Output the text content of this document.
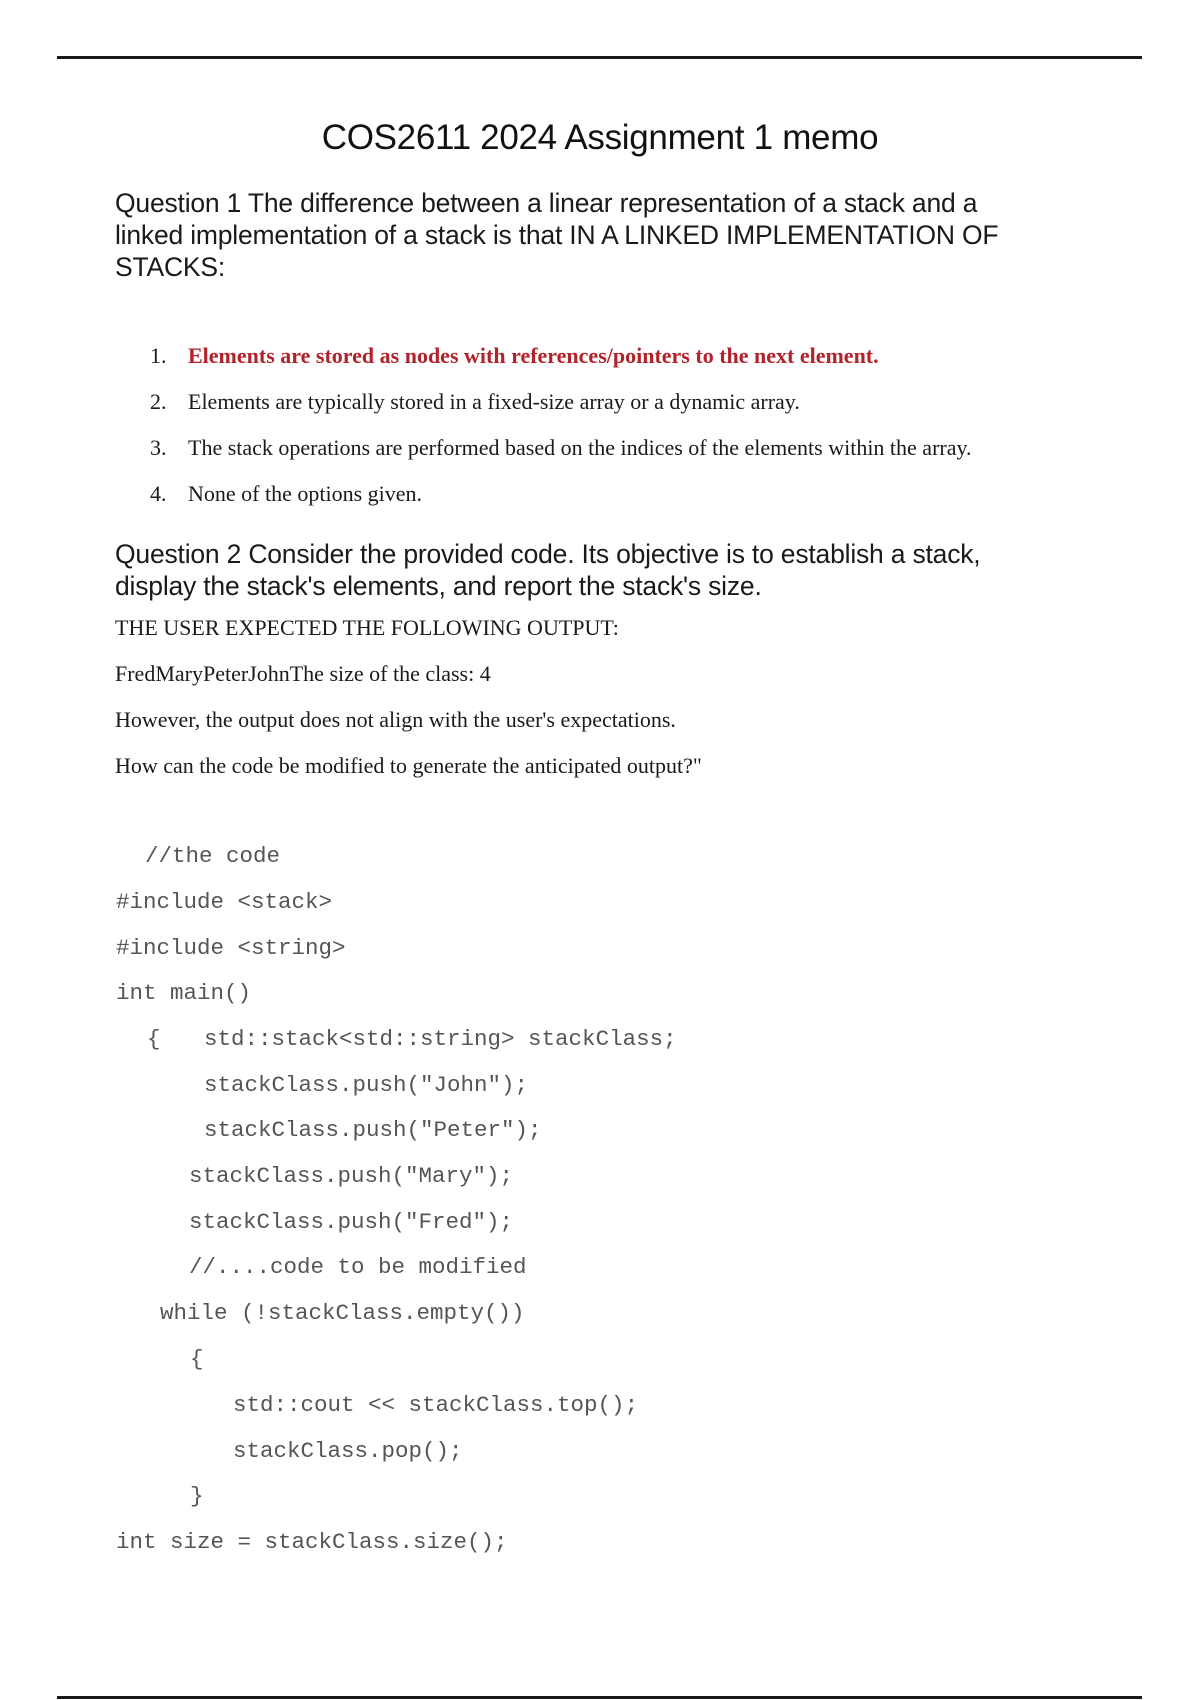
COS2611 2024 Assignment 1 memo
Question 1 The difference between a linear representation of a stack and a
linked implementation of a stack is that IN A LINKED IMPLEMENTATION OF
STACKS:
1. Elements are stored as nodes with references/pointers to the next element.
2. Elements are typically stored in a fixed-size array or a dynamic array.
3. The stack operations are performed based on the indices of the elements within the array.
4. None of the options given.
Question 2 Consider the provided code. Its objective is to establish a stack,
display the stack's elements, and report the stack's size.
THE USER EXPECTED THE FOLLOWING OUTPUT:
FredMaryPeterJohnThe size of the class: 4
However, the output does not align with the user's expectations.
How can the code be modified to generate the anticipated output?"
//the code
#include <stack>
#include <string>
int main()
{ std::stack<std::string> stackClass;
stackClass.push("John");
stackClass.push("Peter");
stackClass.push("Mary");
stackClass.push("Fred");
//....code to be modified
while (!stackClass.empty())
{
std::cout << stackClass.top();
stackClass.pop();
}
int size = stackClass.size();
